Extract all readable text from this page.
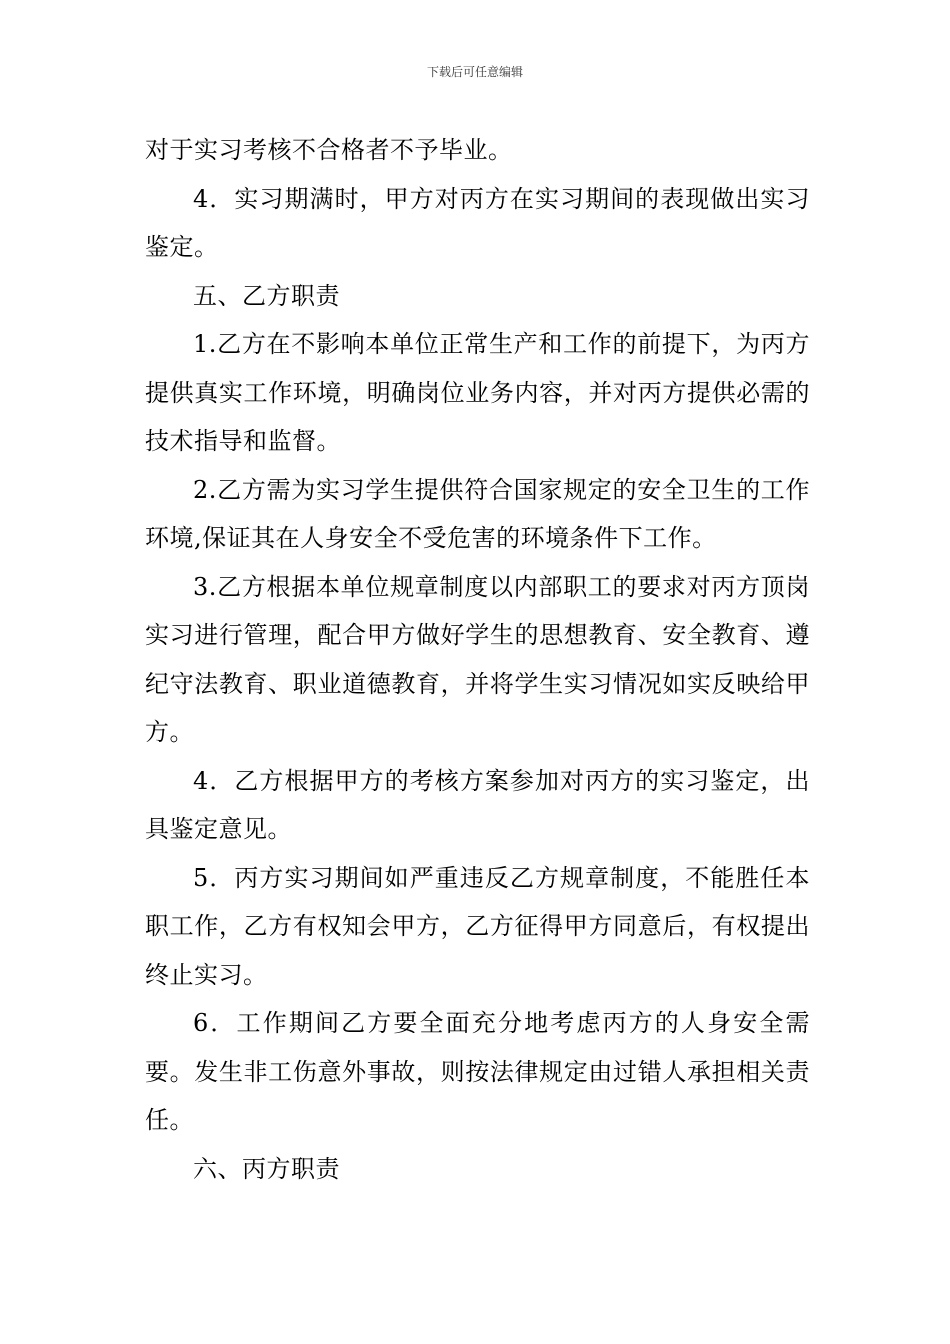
下载后可任意编辑

对于实习考核不合格者不予毕业。

4．实习期满时，甲方对丙方在实习期间的表现做出实习鉴定。

五、乙方职责

1.乙方在不影响本单位正常生产和工作的前提下，为丙方提供真实工作环境，明确岗位业务内容，并对丙方提供必需的技术指导和监督。

2.乙方需为实习学生提供符合国家规定的安全卫生的工作环境,保证其在人身安全不受危害的环境条件下工作。

3.乙方根据本单位规章制度以内部职工的要求对丙方顶岗实习进行管理，配合甲方做好学生的思想教育、安全教育、遵纪守法教育、职业道德教育，并将学生实习情况如实反映给甲方。

4．乙方根据甲方的考核方案参加对丙方的实习鉴定，出具鉴定意见。

5．丙方实习期间如严重违反乙方规章制度，不能胜任本职工作，乙方有权知会甲方，乙方征得甲方同意后，有权提出终止实习。

6．工作期间乙方要全面充分地考虑丙方的人身安全需要。发生非工伤意外事故，则按法律规定由过错人承担相关责任。

六、丙方职责
